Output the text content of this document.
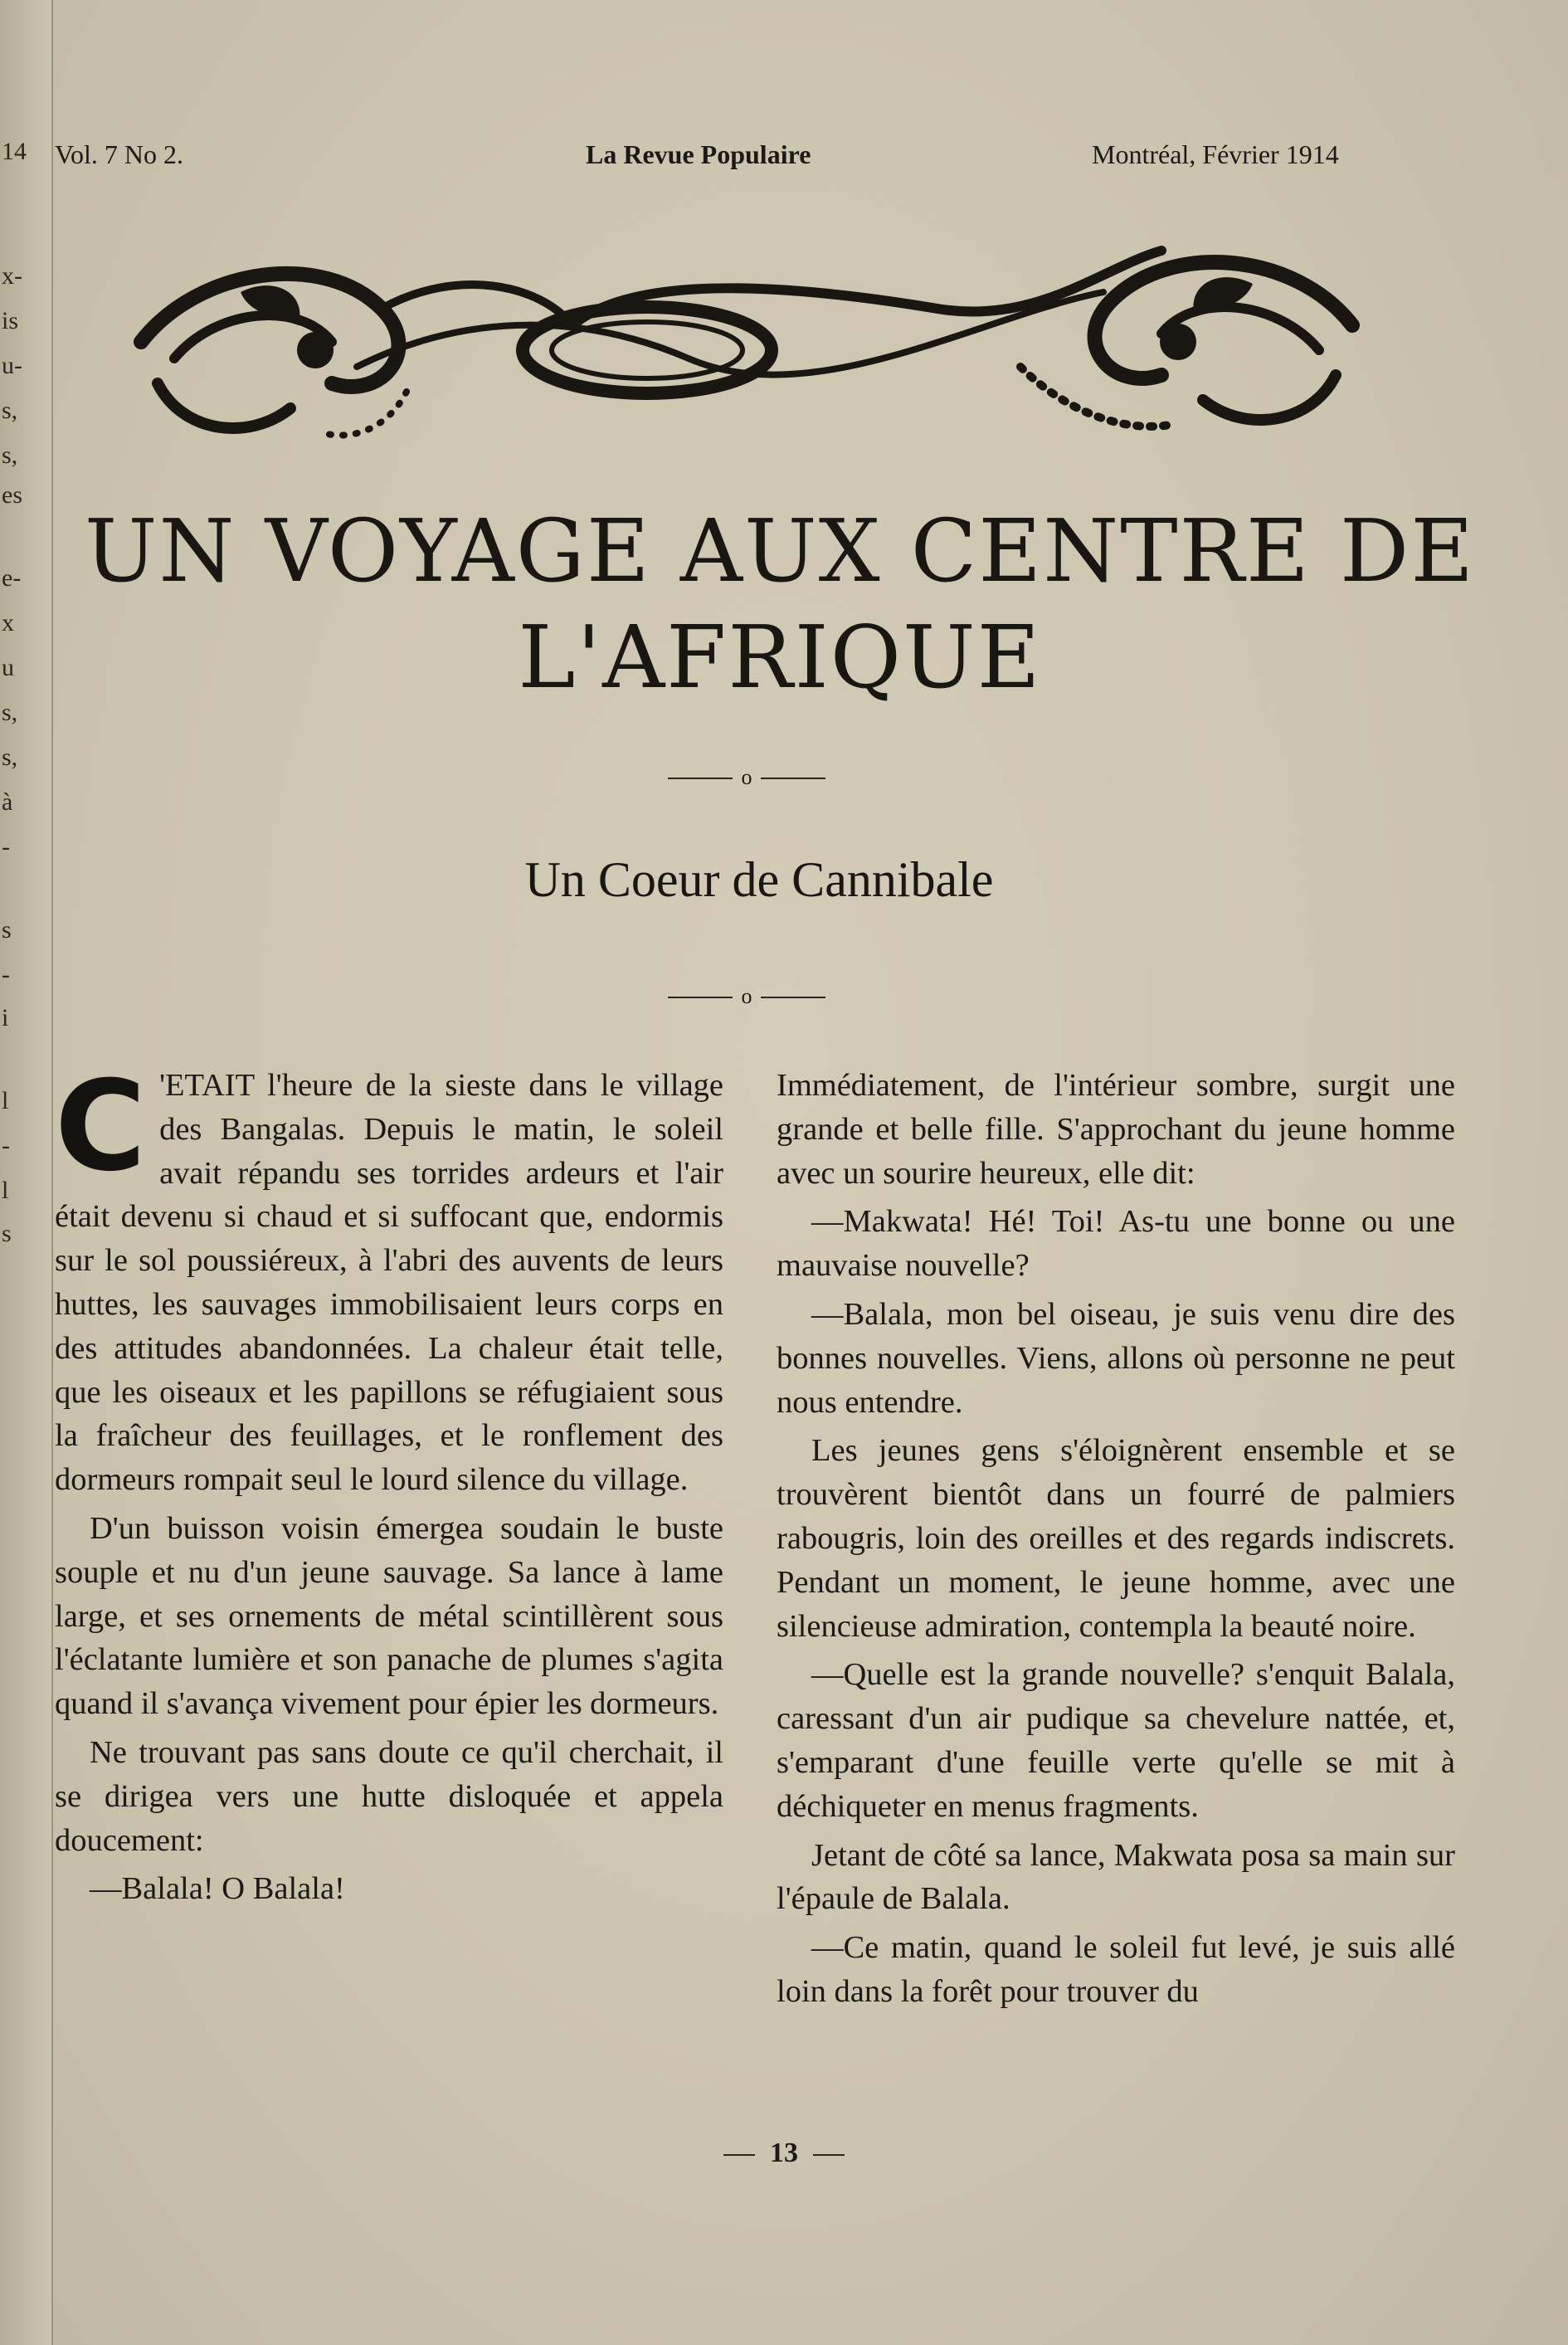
14
x-
is
u-
s,
s,
es
e-
x
u
s,
s,
à
-
s
-
i
l
-
l
s
Vol. 7 No 2.	La Revue Populaire	Montréal, Février 1914
UN VOYAGE AUX CENTRE DE
L'AFRIQUE
o
Un Coeur de Cannibale
o

C 'ETAIT l'heure de la sieste dans le village des Bangalas. Depuis le matin, le soleil avait répandu ses torrides ardeurs et l'air était devenu si chaud et si suffocant que, endormis sur le sol poussiéreux, à l'abri des auvents de leurs huttes, les sauvages immobilisaient leurs corps en des attitudes abandonnées. La chaleur était telle, que les oiseaux et les papillons se réfugiaient sous la fraîcheur des feuillages, et le ronflement des dormeurs rompait seul le lourd silence du village.

D'un buisson voisin émergea soudain le buste souple et nu d'un jeune sauvage. Sa lance à lame large, et ses ornements de métal scintillèrent sous l'éclatante lumière et son panache de plumes s'agita quand il s'avança vivement pour épier les dormeurs.

Ne trouvant pas sans doute ce qu'il cherchait, il se dirigea vers une hutte disloquée et appela doucement:

—Balala! O Balala!

Immédiatement, de l'intérieur sombre, surgit une grande et belle fille. S'approchant du jeune homme avec un sourire heureux, elle dit:

—Makwata! Hé! Toi! As-tu une bonne ou une mauvaise nouvelle?

—Balala, mon bel oiseau, je suis venu dire des bonnes nouvelles. Viens, allons où personne ne peut nous entendre.

Les jeunes gens s'éloignèrent ensemble et se trouvèrent bientôt dans un fourré de palmiers rabougris, loin des oreilles et des regards indiscrets. Pendant un moment, le jeune homme, avec une silencieuse admiration, contempla la beauté noire.

—Quelle est la grande nouvelle? s'enquit Balala, caressant d'un air pudique sa chevelure nattée, et, s'emparant d'une feuille verte qu'elle se mit à déchiqueter en menus fragments.

Jetant de côté sa lance, Makwata posa sa main sur l'épaule de Balala.

—Ce matin, quand le soleil fut levé, je suis allé loin dans la forêt pour trouver du

13
